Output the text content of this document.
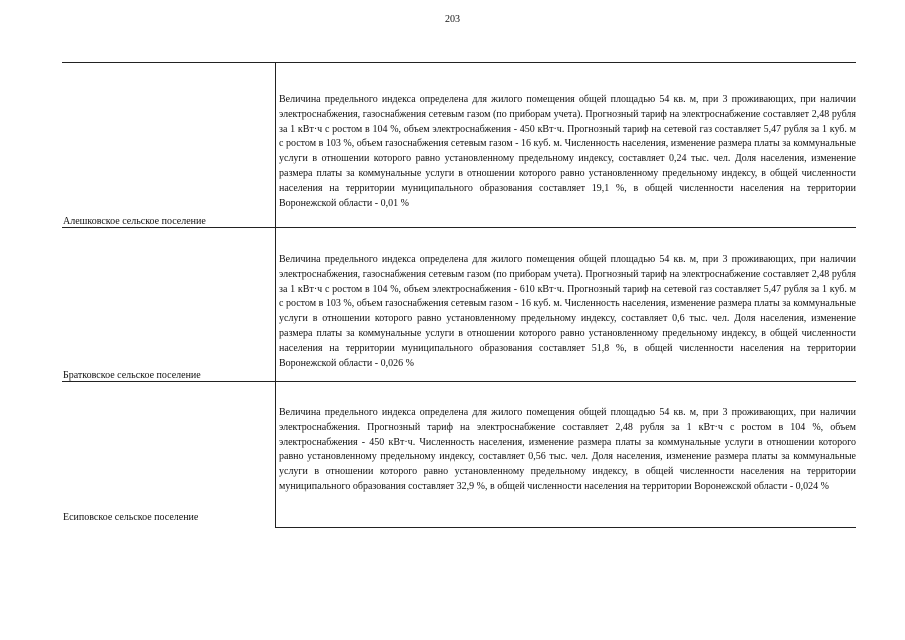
203
Алешковское сельское поселение
Величина предельного индекса определена для жилого помещения общей площадью 54 кв. м, при 3 проживающих, при наличии электроснабжения, газоснабжения сетевым газом (по приборам учета). Прогнозный тариф на электроснабжение составляет 2,48 рубля за 1 кВт·ч с ростом в 104 %, объем электроснабжения - 450 кВт·ч. Прогнозный тариф на сетевой газ составляет 5,47 рубля за 1 куб. м с ростом в 103 %, объем газоснабжения сетевым газом - 16 куб. м. Численность населения, изменение размера платы за коммунальные услуги в отношении которого равно установленному предельному индексу, составляет 0,24 тыс. чел. Доля населения, изменение размера платы за коммунальные услуги в отношении которого равно установленному предельному индексу, в общей численности населения на территории муниципального образования составляет 19,1 %, в общей численности населения на территории Воронежской области - 0,01 %
Братковское сельское поселение
Величина предельного индекса определена для жилого помещения общей площадью 54 кв. м, при 3 проживающих, при наличии электроснабжения, газоснабжения сетевым газом (по приборам учета). Прогнозный тариф на электроснабжение составляет 2,48 рубля за 1 кВт·ч с ростом в 104 %, объем электроснабжения - 610 кВт·ч. Прогнозный тариф на сетевой газ составляет 5,47 рубля за 1 куб. м с ростом в 103 %, объем газоснабжения сетевым газом - 16 куб. м. Численность населения, изменение размера платы за коммунальные услуги в отношении которого равно установленному предельному индексу, составляет 0,6 тыс. чел. Доля населения, изменение размера платы за коммунальные услуги в отношении которого равно установленному предельному индексу, в общей численности населения на территории муниципального образования составляет 51,8 %, в общей численности населения на территории Воронежской области - 0,026 %
Есиповское сельское поселение
Величина предельного индекса определена для жилого помещения общей площадью 54 кв. м, при 3 проживающих, при наличии электроснабжения. Прогнозный тариф на электроснабжение составляет 2,48 рубля за 1 кВт·ч с ростом в 104 %, объем электроснабжения - 450 кВт·ч. Численность населения, изменение размера платы за коммунальные услуги в отношении которого равно установленному предельному индексу, составляет 0,56 тыс. чел. Доля населения, изменение размера платы за коммунальные услуги в отношении которого равно установленному предельному индексу, в общей численности населения на территории муниципального образования составляет 32,9 %, в общей численности населения на территории Воронежской области - 0,024 %
